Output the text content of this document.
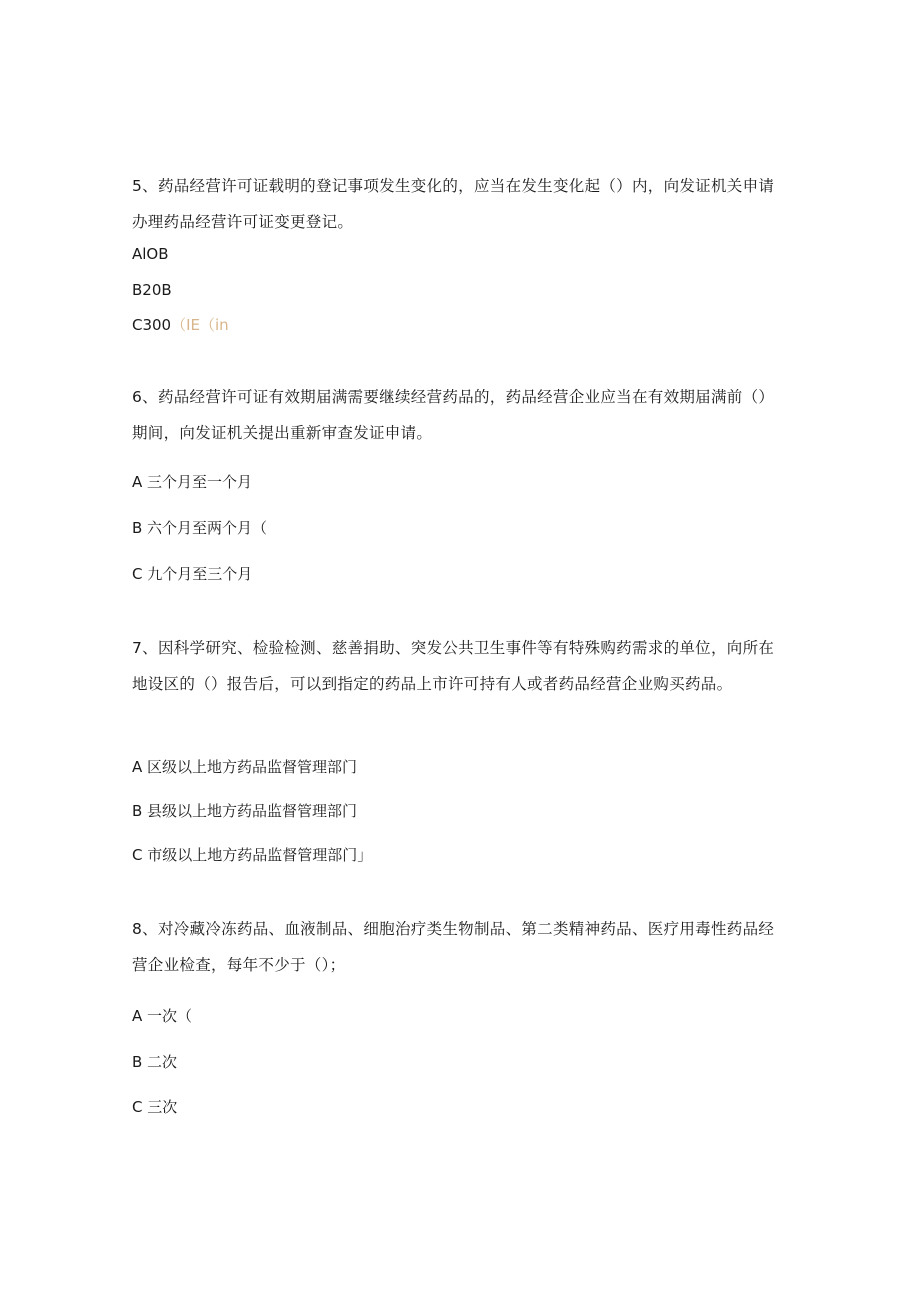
5、药品经营许可证载明的登记事项发生变化的，应当在发生变化起（）内，向发证机关申请办理药品经营许可证变更登记。

AlOB

B20B

C300（IE（in

6、药品经营许可证有效期届满需要继续经营药品的，药品经营企业应当在有效期届满前（）期间，向发证机关提出重新审查发证申请。

A 三个月至一个月

B 六个月至两个月（

C 九个月至三个月

7、因科学研究、检验检测、慈善捐助、突发公共卫生事件等有特殊购药需求的单位，向所在地设区的（）报告后，可以到指定的药品上市许可持有人或者药品经营企业购买药品。

A 区级以上地方药品监督管理部门

B 县级以上地方药品监督管理部门

C 市级以上地方药品监督管理部门」

8、对冷藏冷冻药品、血液制品、细胞治疗类生物制品、第二类精神药品、医疗用毒性药品经营企业检查，每年不少于（）；

A 一次（

B 二次

C 三次
